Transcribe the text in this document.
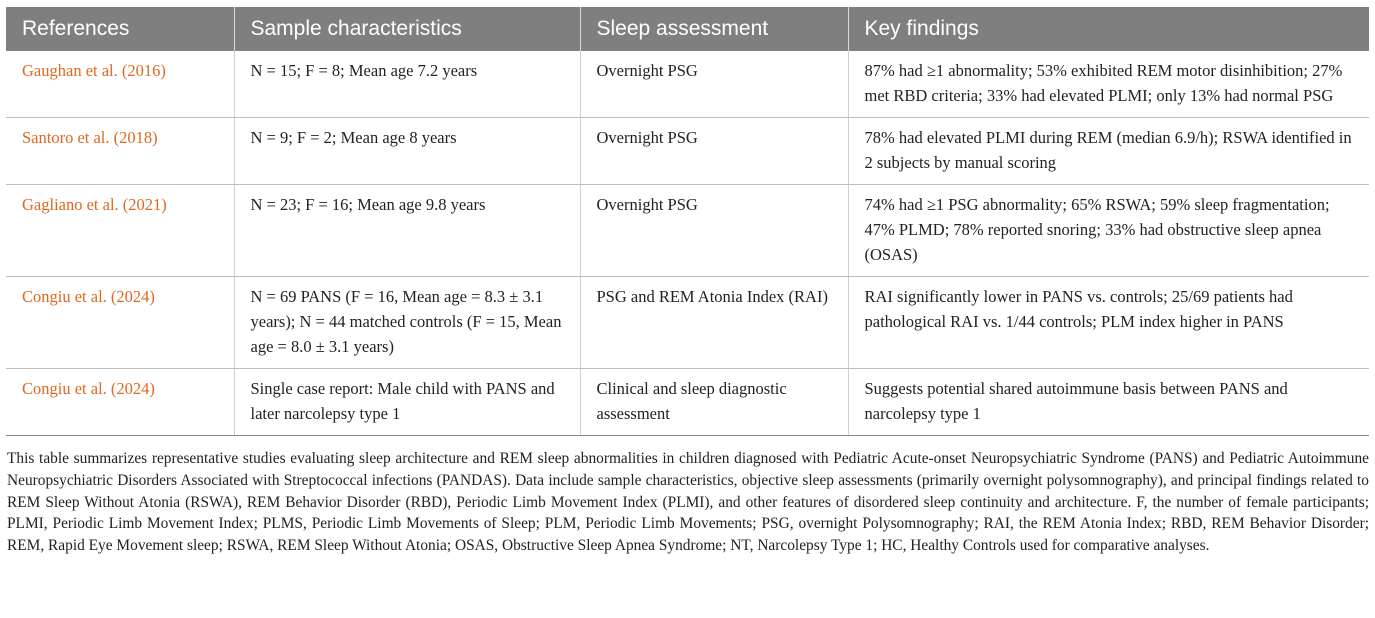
References	Sample characteristics	Sleep assessment	Key findings
Gaughan et al. (2016)	N = 15; F = 8; Mean age 7.2 years	Overnight PSG	87% had ≥1 abnormality; 53% exhibited REM motor disinhibition; 27% met RBD criteria; 33% had elevated PLMI; only 13% had normal PSG
Santoro et al. (2018)	N = 9; F = 2; Mean age 8 years	Overnight PSG	78% had elevated PLMI during REM (median 6.9/h); RSWA identified in 2 subjects by manual scoring
Gagliano et al. (2021)	N = 23; F = 16; Mean age 9.8 years	Overnight PSG	74% had ≥1 PSG abnormality; 65% RSWA; 59% sleep fragmentation; 47% PLMD; 78% reported snoring; 33% had obstructive sleep apnea (OSAS)
Congiu et al. (2024)	N = 69 PANS (F = 16, Mean age = 8.3 ± 3.1 years); N = 44 matched controls (F = 15, Mean age = 8.0 ± 3.1 years)	PSG and REM Atonia Index (RAI)	RAI significantly lower in PANS vs. controls; 25/69 patients had pathological RAI vs. 1/44 controls; PLM index higher in PANS
Congiu et al. (2024)	Single case report: Male child with PANS and later narcolepsy type 1	Clinical and sleep diagnostic assessment	Suggests potential shared autoimmune basis between PANS and narcolepsy type 1

This table summarizes representative studies evaluating sleep architecture and REM sleep abnormalities in children diagnosed with Pediatric Acute-onset Neuropsychiatric Syndrome (PANS) and Pediatric Autoimmune Neuropsychiatric Disorders Associated with Streptococcal infections (PANDAS). Data include sample characteristics, objective sleep assessments (primarily overnight polysomnography), and principal findings related to REM Sleep Without Atonia (RSWA), REM Behavior Disorder (RBD), Periodic Limb Movement Index (PLMI), and other features of disordered sleep continuity and architecture. F, the number of female participants; PLMI, Periodic Limb Movement Index; PLMS, Periodic Limb Movements of Sleep; PLM, Periodic Limb Movements; PSG, overnight Polysomnography; RAI, the REM Atonia Index; RBD, REM Behavior Disorder; REM, Rapid Eye Movement sleep; RSWA, REM Sleep Without Atonia; OSAS, Obstructive Sleep Apnea Syndrome; NT, Narcolepsy Type 1; HC, Healthy Controls used for comparative analyses.
